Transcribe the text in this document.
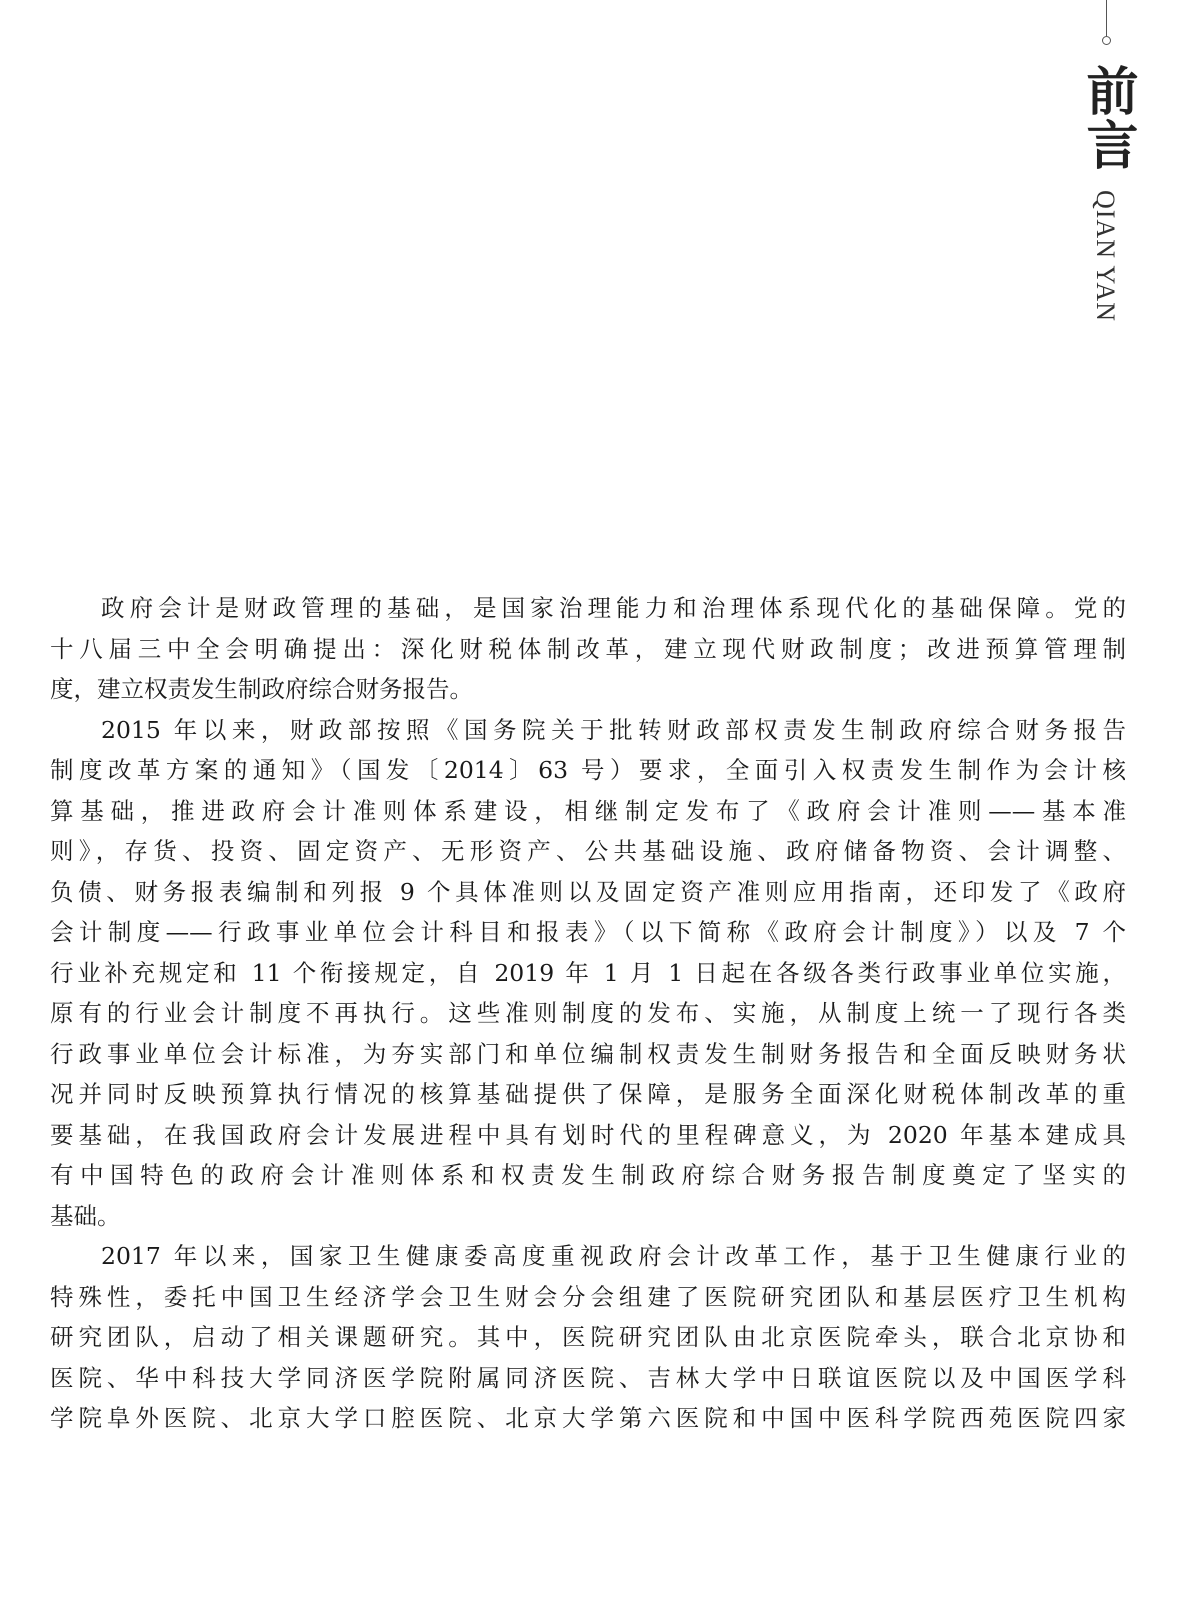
前言
QIAN YAN
政府会计是财政管理的基础，是国家治理能力和治理体系现代化的基础保障。党的
十八届三中全会明确提出：深化财税体制改革，建立现代财政制度；改进预算管理制
度，建立权责发生制政府综合财务报告。
2015 年以来，财政部按照《国务院关于批转财政部权责发生制政府综合财务报告
制度改革方案的通知》（国发〔2014〕63 号）要求，全面引入权责发生制作为会计核
算基础，推进政府会计准则体系建设，相继制定发布了《政府会计准则——基本准
则》，存货、投资、固定资产、无形资产、公共基础设施、政府储备物资、会计调整、
负债、财务报表编制和列报 9 个具体准则以及固定资产准则应用指南，还印发了《政府
会计制度——行政事业单位会计科目和报表》（以下简称《政府会计制度》）以及 7 个
行业补充规定和 11 个衔接规定，自 2019 年 1 月 1 日起在各级各类行政事业单位实施，
原有的行业会计制度不再执行。这些准则制度的发布、实施，从制度上统一了现行各类
行政事业单位会计标准，为夯实部门和单位编制权责发生制财务报告和全面反映财务状
况并同时反映预算执行情况的核算基础提供了保障，是服务全面深化财税体制改革的重
要基础，在我国政府会计发展进程中具有划时代的里程碑意义，为 2020 年基本建成具
有中国特色的政府会计准则体系和权责发生制政府综合财务报告制度奠定了坚实的
基础。
2017 年以来，国家卫生健康委高度重视政府会计改革工作，基于卫生健康行业的
特殊性，委托中国卫生经济学会卫生财会分会组建了医院研究团队和基层医疗卫生机构
研究团队，启动了相关课题研究。其中，医院研究团队由北京医院牵头，联合北京协和
医院、华中科技大学同济医学院附属同济医院、吉林大学中日联谊医院以及中国医学科
学院阜外医院、北京大学口腔医院、北京大学第六医院和中国中医科学院西苑医院四家
